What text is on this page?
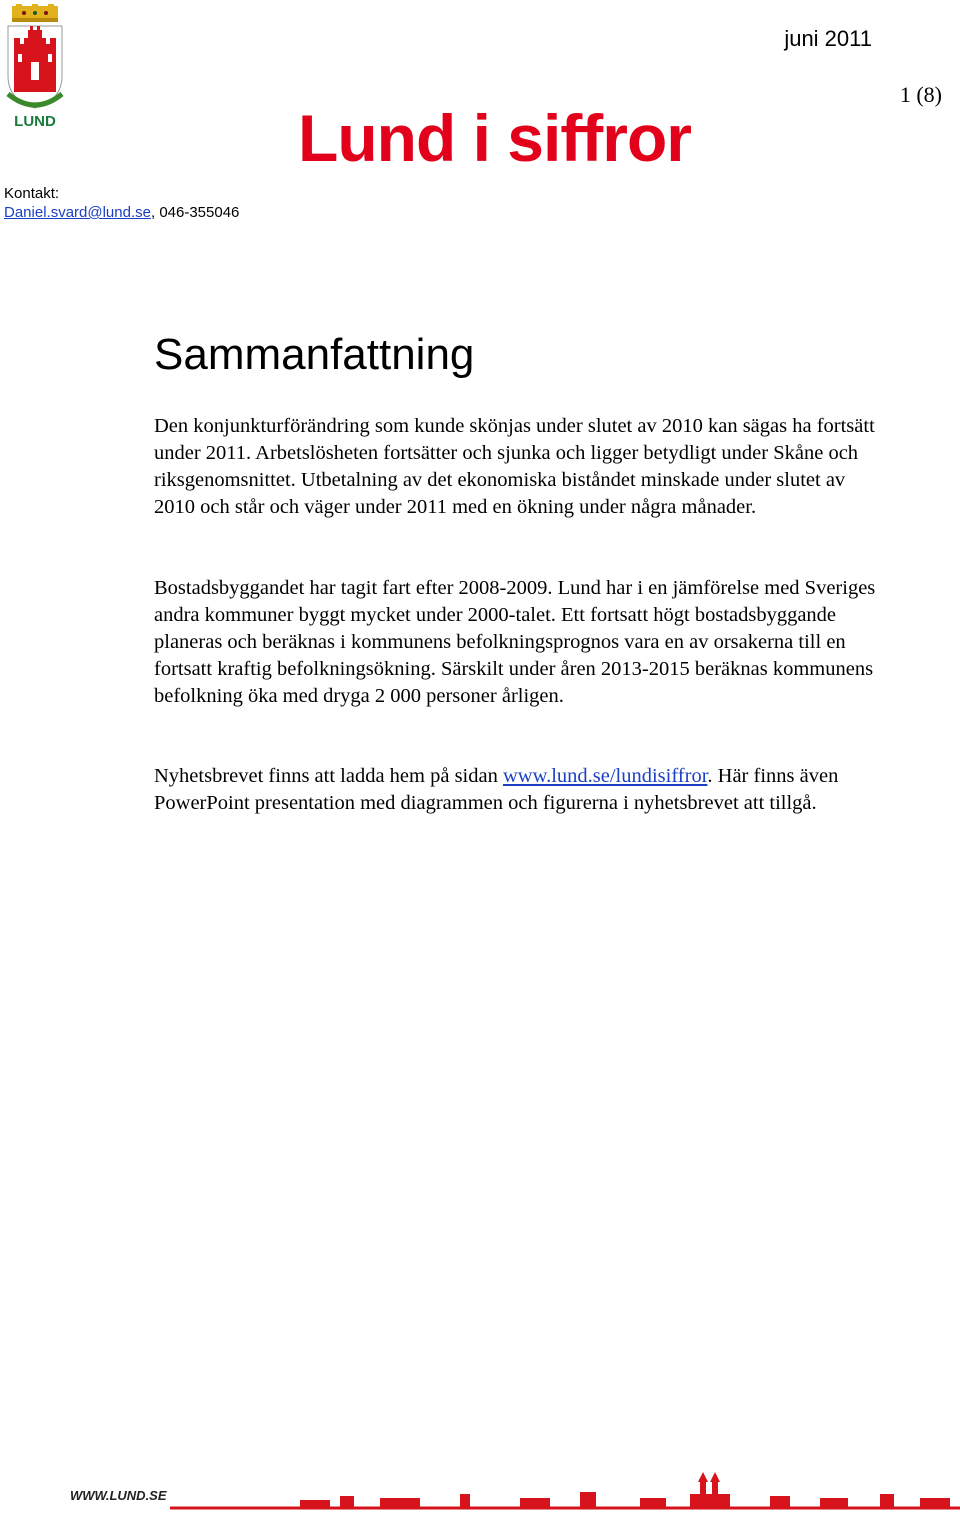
LUND
juni 2011
1 (8)
Lund i siffror
Kontakt:
Daniel.svard@lund.se, 046-355046
Sammanfattning

Den konjunkturförändring som kunde skönjas under slutet av 2010 kan sägas ha fortsätt under 2011. Arbetslösheten fortsätter och sjunka och ligger betydligt under Skåne och riksgenomsnittet. Utbetalning av det ekonomiska biståndet minskade under slutet av 2010 och står och väger under 2011 med en ökning under några månader.

Bostadsbyggandet har tagit fart efter 2008-2009. Lund har i en jämförelse med Sveriges andra kommuner byggt mycket under 2000-talet. Ett fortsatt högt bostadsbyggande planeras och beräknas i kommunens befolkningsprognos vara en av orsakerna till en fortsatt kraftig befolkningsökning. Särskilt under åren 2013-2015 beräknas kommunens befolkning öka med dryga 2 000 personer årligen.

Nyhetsbrevet finns att ladda hem på sidan www.lund.se/lundisiffror. Här finns även PowerPoint presentation med diagrammen och figurerna i nyhetsbrevet att tillgå.

WWW.LUND.SE
